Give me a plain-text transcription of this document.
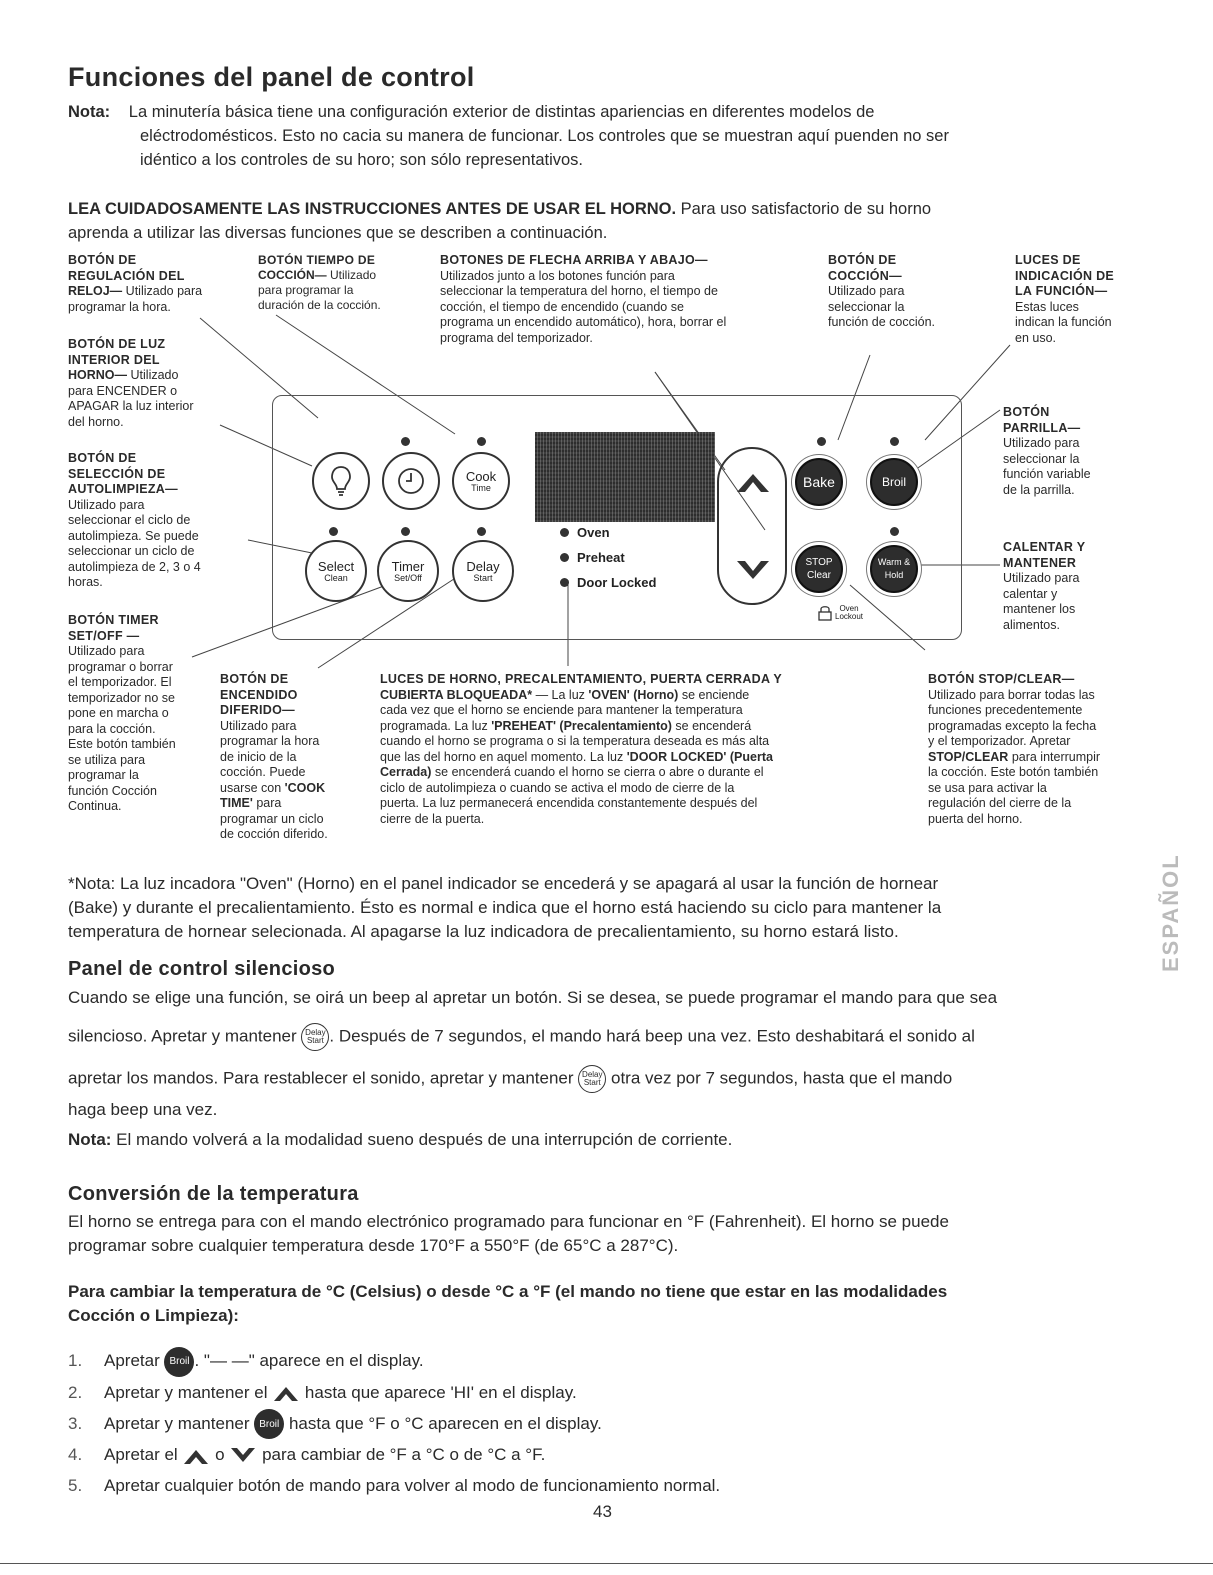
Funciones del panel de control
Nota: La minutería básica tiene una configuración exterior de distintas apariencias en diferentes modelos de
eléctrodomésticos. Esto no cacia su manera de funcionar. Los controles que se muestran aquí puenden no ser
idéntico a los controles de su horo; son sólo representativos.
LEA CUIDADOSAMENTE LAS INSTRUCCIONES ANTES DE USAR EL HORNO. Para uso satisfactorio de su horno
aprenda a utilizar las diversas funciones que se describen a continuación.
BOTÓN DE
REGULACIÓN DEL
RELOJ— Utilizado para programar la hora.
BOTÓN TIEMPO DE
COCCIÓN— Utilizado
para programar la
duración de la cocción.
BOTONES DE FLECHA ARRIBA Y ABAJO—
Utilizados junto a los botones función para
seleccionar la temperatura del horno, el tiempo de
cocción, el tiempo de encendido (cuando se
programa un encendido automático), hora, borrar el
programa del temporizador.
BOTÓN DE
COCCIÓN—
Utilizado para
seleccionar la
función de cocción.
LUCES DE
INDICACIÓN DE
LA FUNCIÓN—
Estas luces
indican la función
en uso.
BOTÓN DE LUZ
INTERIOR DEL
HORNO— Utilizado
para ENCENDER o
APAGAR la luz interior
del horno.
BOTÓN DE
SELECCIÓN DE
AUTOLIMPIEZA—
Utilizado para
seleccionar el ciclo de
autolimpieza. Se puede
seleccionar un ciclo de
autolimpieza de 2, 3 o 4
horas.
BOTÓN TIMER
SET/OFF —
Utilizado para
programar o borrar
el temporizador. El
temporizador no se
pone en marcha o
para la cocción.
Este botón también
se utiliza para
programar la
función Cocción
Continua.
BOTÓN DE
ENCENDIDO
DIFERIDO—
Utilizado para
programar la hora
de inicio de la
cocción. Puede
usarse con 'COOK
TIME' para
programar un ciclo
de cocción diferido.
LUCES DE HORNO, PRECALENTAMIENTO, PUERTA CERRADA Y
CUBIERTA BLOQUEADA* — La luz 'OVEN' (Horno) se enciende
cada vez que el horno se enciende para mantener la temperatura
programada. La luz 'PREHEAT' (Precalentamiento) se encenderá
cuando el horno se programa o si la temperatura deseada es más alta
que las del horno en aquel momento. La luz 'DOOR LOCKED' (Puerta
Cerrada) se encenderá cuando el horno se cierra o abre o durante el
ciclo de autolimpieza o cuando se activa el modo de cierre de la
puerta. La luz permanecerá encendida constantemente después del
cierre de la puerta.
BOTÓN
PARRILLA—
Utilizado para
seleccionar la
función variable
de la parrilla.
CALENTAR Y
MANTENER
Utilizado para
calentar y
mantener los
alimentos.
BOTÓN STOP/CLEAR—
Utilizado para borrar todas las
funciones precedentemente
programadas excepto la fecha
y el temporizador. Apretar
STOP/CLEAR para interrumpir
la cocción. Este botón también
se usa para activar la
regulación del cierre de la
puerta del horno.
Cook
Time
Select
Clean
Timer
Set/Off
Delay
Start
Oven
Preheat
Door Locked
Bake	Broil
STOP
Clear
Warm &
Hold
Oven
Lockout
*Nota: La luz incadora "Oven" (Horno) en el panel indicador se encederá y se apagará al usar la función de hornear
(Bake) y durante el precalientamiento. Ésto es normal e indica que el horno está haciendo su ciclo para mantener la
temperatura de hornear selecionada. Al apagarse la luz indicadora de precalientamiento, su horno estará listo.	ESPAÑOL
Panel de control silencioso
Cuando se elige una función, se oirá un beep al apretar un botón. Si se desea, se puede programar el mando para que sea
silencioso. Apretar y mantener Delay
Start . Después de 7 segundos, el mando hará beep una vez. Esto deshabitará el sonido al
apretar los mandos. Para restablecer el sonido, apretar y mantener Delay
Start otra vez por 7 segundos, hasta que el mando
haga beep una vez.
Nota: El mando volverá a la modalidad sueno después de una interrupción de corriente.
Conversión de la temperatura
El horno se entrega para con el mando electrónico programado para funcionar en °F (Fahrenheit). El horno se puede
programar sobre cualquier temperatura desde 170°F a 550°F (de 65°C a 287°C).
Para cambiar la temperatura de °C (Celsius) o desde °C a °F (el mando no tiene que estar en las modalidades
Cocción o Limpieza):
1. Apretar Broil . "— —" aparece en el display.
2. Apretar y mantener el  hasta que aparece 'HI' en el display.
3. Apretar y mantener Broil hasta que °F o °C aparecen en el display.
4. Apretar el  o  para cambiar de °F a °C o de °C a °F.
5. Apretar cualquier botón de mando para volver al modo de funcionamiento normal.
43
